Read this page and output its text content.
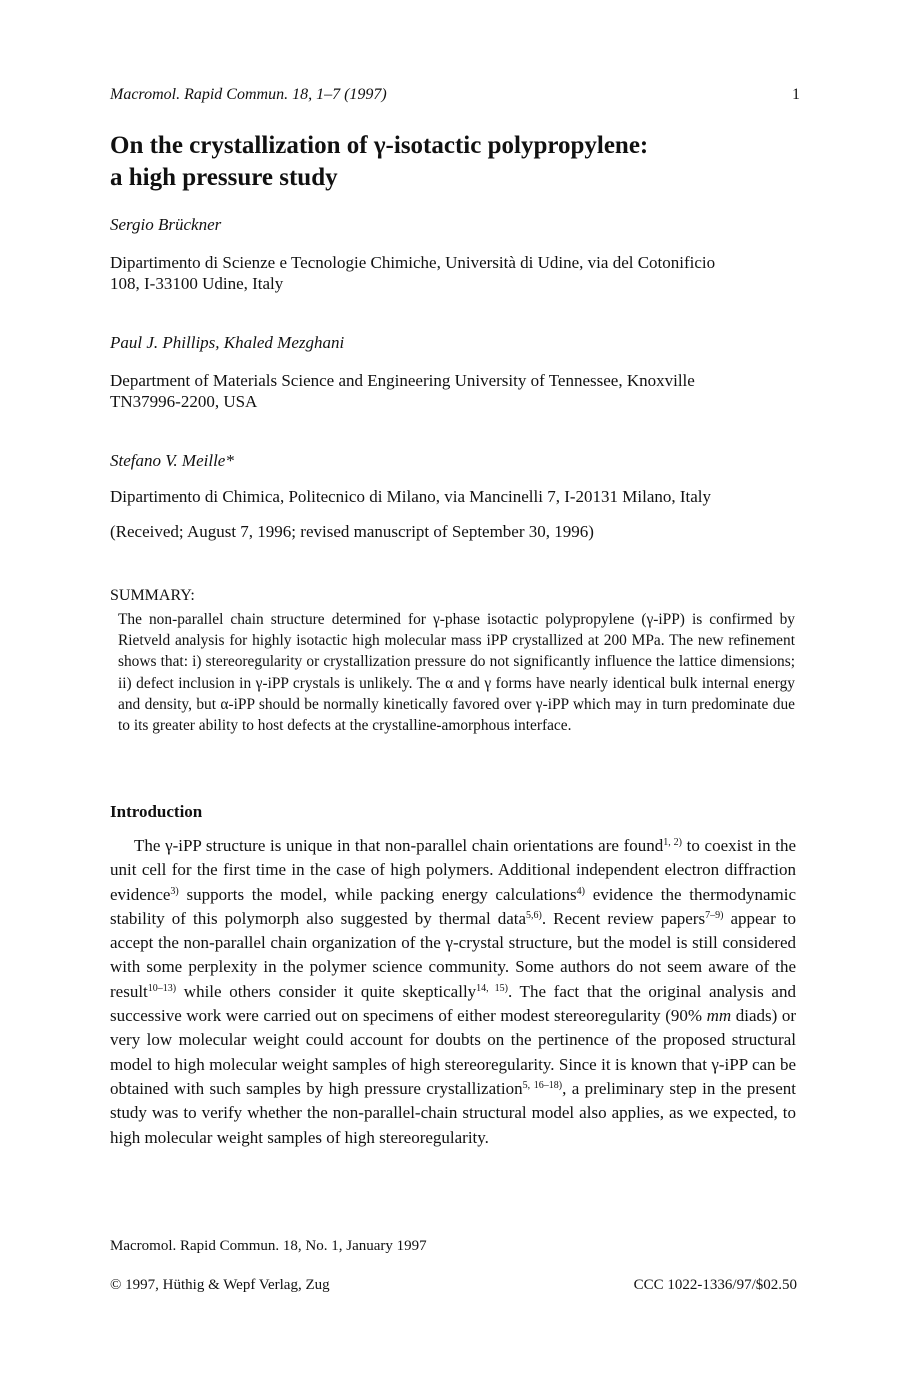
Macromol. Rapid Commun. 18, 1–7 (1997)	1
On the crystallization of γ-isotactic polypropylene:
a high pressure study
Sergio Brückner

Dipartimento di Scienze e Tecnologie Chimiche, Università di Udine, via del Cotonificio

108, I-33100 Udine, Italy

Paul J. Phillips, Khaled Mezghani

Department of Materials Science and Engineering University of Tennessee, Knoxville

TN37996-2200, USA

Stefano V. Meille*

Dipartimento di Chimica, Politecnico di Milano, via Mancinelli 7, I-20131 Milano, Italy

(Received; August 7, 1996; revised manuscript of September 30, 1996)
SUMMARY:

The non-parallel chain structure determined for γ-phase isotactic polypropylene (γ-iPP) is confirmed by Rietveld analysis for highly isotactic high molecular mass iPP crystallized at 200 MPa. The new refinement shows that: i) stereoregularity or crystallization pressure do not significantly influence the lattice dimensions; ii) defect inclusion in γ-iPP crystals is unlikely. The α and γ forms have nearly identical bulk internal energy and density, but α-iPP should be normally kinetically favored over γ-iPP which may in turn predominate due to its greater ability to host defects at the crystalline-amorphous interface.

Introduction

The γ-iPP structure is unique in that non-parallel chain orientations are found$^{1, 2)}$ to coexist in the unit cell for the first time in the case of high polymers. Additional independent electron diffraction evidence$^{3)}$ supports the model, while packing energy calculations$^{4)}$ evidence the thermodynamic stability of this polymorph also suggested by thermal data$^{5,6)}$. Recent review papers$^{7-9)}$ appear to accept the non-parallel chain organization of the γ-crystal structure, but the model is still considered with some perplexity in the polymer science community. Some authors do not seem aware of the result$^{10-13)}$ while others consider it quite skeptically$^{14, 15)}$. The fact that the original analysis and successive work were carried out on specimens of either modest stereoregularity (90% mm diads) or very low molecular weight could account for doubts on the pertinence of the proposed structural model to high molecular weight samples of high stereoregularity. Since it is known that γ-iPP can be obtained with such samples by high pressure crystallization$^{5, 16-18)}$, a preliminary step in the present study was to verify whether the non-parallel-chain structural model also applies, as we expected, to high molecular weight samples of high stereoregularity.

Macromol. Rapid Commun. 18, No. 1, January 1997
© 1997, Hüthig & Wepf Verlag, Zug	CCC 1022-1336/97/$02.50
